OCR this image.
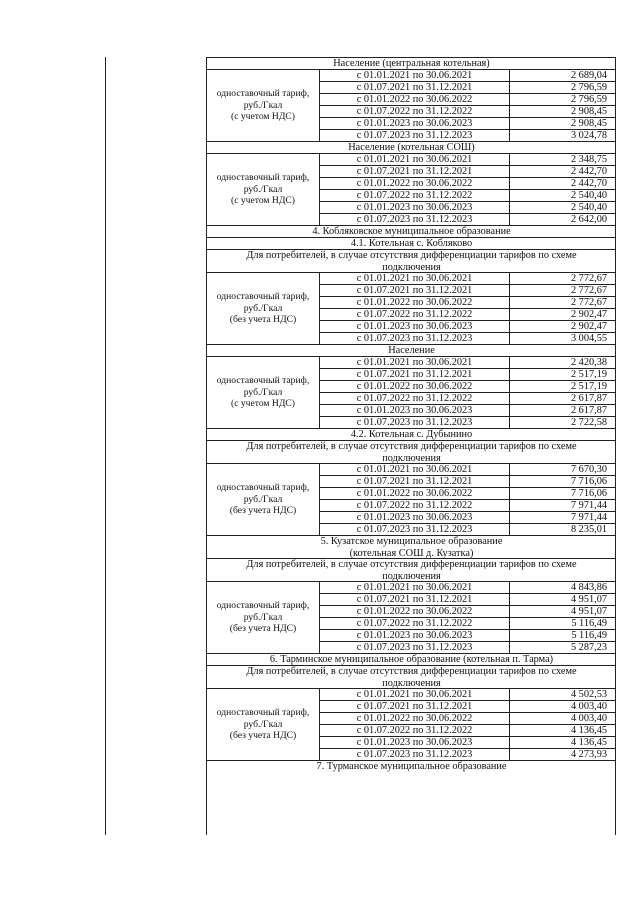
Население (центральная котельная)
одноставочный тариф,
руб./Гкал
(с учетом НДС)
с 01.01.2021 по 30.06.2021	2 689,04
с 01.07.2021 по 31.12.2021	2 796,59
с 01.01.2022 по 30.06.2022	2 796,59
с 01.07.2022 по 31.12.2022	2 908,45
с 01.01.2023 по 30.06.2023	2 908,45
с 01.07.2023 по 31.12.2023	3 024,78
Население (котельная СОШ)
одноставочный тариф,
руб./Гкал
(с учетом НДС)
с 01.01.2021 по 30.06.2021	2 348,75
с 01.07.2021 по 31.12.2021	2 442,70
с 01.01.2022 по 30.06.2022	2 442,70
с 01.07.2022 по 31.12.2022	2 540,40
с 01.01.2023 по 30.06.2023	2 540,40
с 01.07.2023 по 31.12.2023	2 642,00
4. Кобляковское муниципальное образование
4.1. Котельная с. Кобляково
Для потребителей, в случае отсутствия дифференциации тарифов по схеме
подключения
одноставочный тариф,
руб./Гкал
(без учета НДС)
с 01.01.2021 по 30.06.2021	2 772,67
с 01.07.2021 по 31.12.2021	2 772,67
с 01.01.2022 по 30.06.2022	2 772,67
с 01.07.2022 по 31.12.2022	2 902,47
с 01.01.2023 по 30.06.2023	2 902,47
с 01.07.2023 по 31.12.2023	3 004,55
Население
одноставочный тариф,
руб./Гкал
(с учетом НДС)
с 01.01.2021 по 30.06.2021	2 420,38
с 01.07.2021 по 31.12.2021	2 517,19
с 01.01.2022 по 30.06.2022	2 517,19
с 01.07.2022 по 31.12.2022	2 617,87
с 01.01.2023 по 30.06.2023	2 617,87
с 01.07.2023 по 31.12.2023	2 722,58
4.2. Котельная с. Дубынино
Для потребителей, в случае отсутствия дифференциации тарифов по схеме
подключения
одноставочный тариф,
руб./Гкал
(без учета НДС)
с 01.01.2021 по 30.06.2021	7 670,30
с 01.07.2021 по 31.12.2021	7 716,06
с 01.01.2022 по 30.06.2022	7 716,06
с 01.07.2022 по 31.12.2022	7 971,44
с 01.01.2023 по 30.06.2023	7 971,44
с 01.07.2023 по 31.12.2023	8 235,01
5. Кузатское муниципальное образование
(котельная СОШ д. Кузатка)
Для потребителей, в случае отсутствия дифференциации тарифов по схеме
подключения
одноставочный тариф,
руб./Гкал
(без учета НДС)
с 01.01.2021 по 30.06.2021	4 843,86
с 01.07.2021 по 31.12.2021	4 951,07
с 01.01.2022 по 30.06.2022	4 951,07
с 01.07.2022 по 31.12.2022	5 116,49
с 01.01.2023 по 30.06.2023	5 116,49
с 01.07.2023 по 31.12.2023	5 287,23
6. Тарминское муниципальное образование (котельная п. Тарма)
Для потребителей, в случае отсутствия дифференциации тарифов по схеме
подключения
одноставочный тариф,
руб./Гкал
(без учета НДС)
с 01.01.2021 по 30.06.2021	4 502,53
с 01.07.2021 по 31.12.2021	4 003,40
с 01.01.2022 по 30.06.2022	4 003,40
с 01.07.2022 по 31.12.2022	4 136,45
с 01.01.2023 по 30.06.2023	4 136,45
с 01.07.2023 по 31.12.2023	4 273,93
7. Турманское муниципальное образование
